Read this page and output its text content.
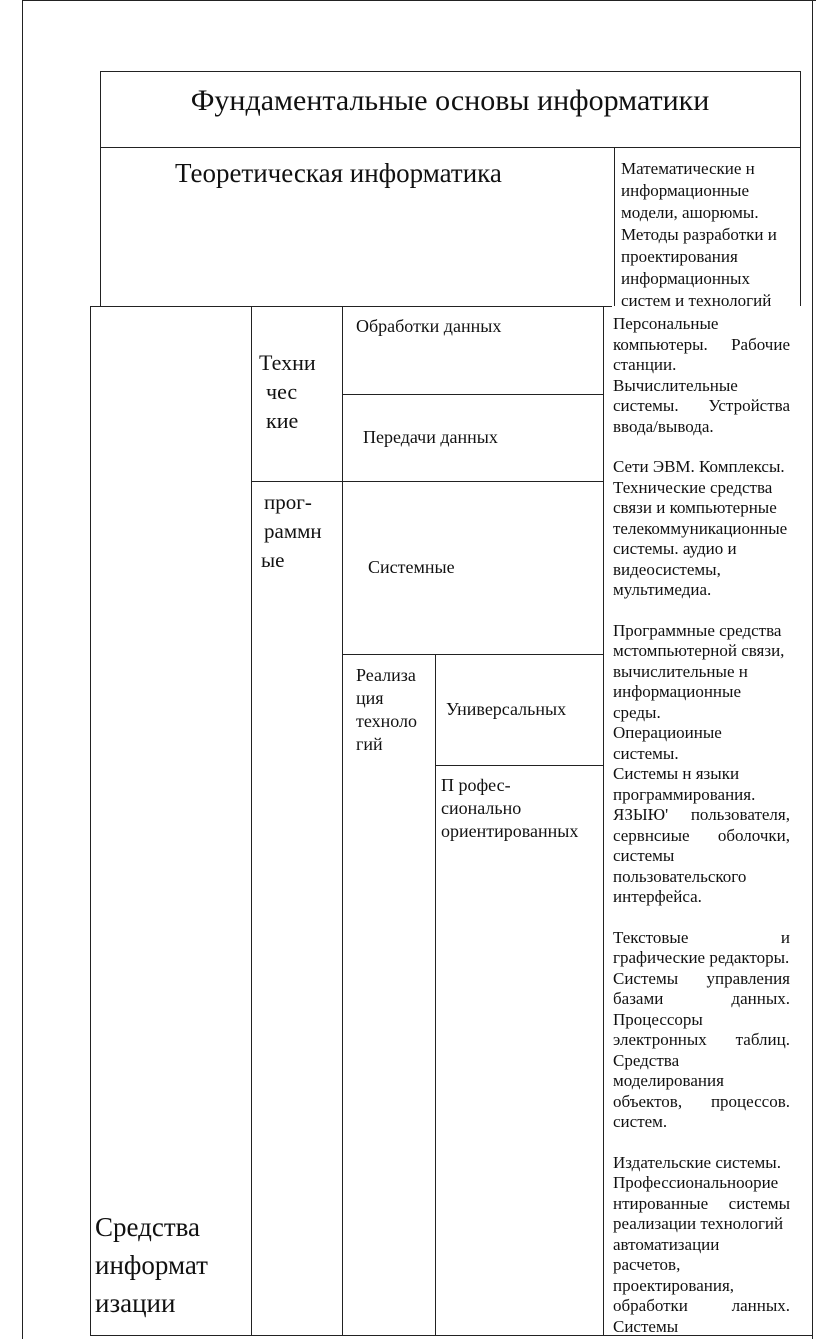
Фундаментальные основы информатики
Теоретическая информатика	Математические н
информационные
модели, ашорюмы.
Методы разработки и
проектирования
информационных
систем и технологий
Средства
информат
изации
Техни
чес
кие
прог-
раммн
ые
Обработки данных
Передачи данных
Системные
Реализа
ция
техноло
гий
Универсальных
П рофес-
сионально
ориентированных

Персональные

компьютеры. Рабочие

станции.

Вычислительные

системы. Устройства

ввода/вывода.

Сети ЭВМ. Комплексы.

Технические средства

связи и компьютерные

телекоммуникационные

системы. аудио и

видеосистемы,

мультимедиа.

Программные средства

мстомпьютерной связи,

вычислительные н

информационные

среды.

Операциоиные системы.

Системы н языки

программирования.

ЯЗЫЮ' пользователя,

сервнсиые оболочки,

системы

пользовательского

интерфейса.

Текстовые и

графические редакторы.

Системы управления

базами данных.

Процессоры

электронных таблиц.

Средства

моделирования

объектов, процессов.

систем.

Издательские системы.

Профессиональноорие

нтированные системы

реализации технологий

автоматизации

расчетов,

проектирования,

обработки ланных.

Системы
